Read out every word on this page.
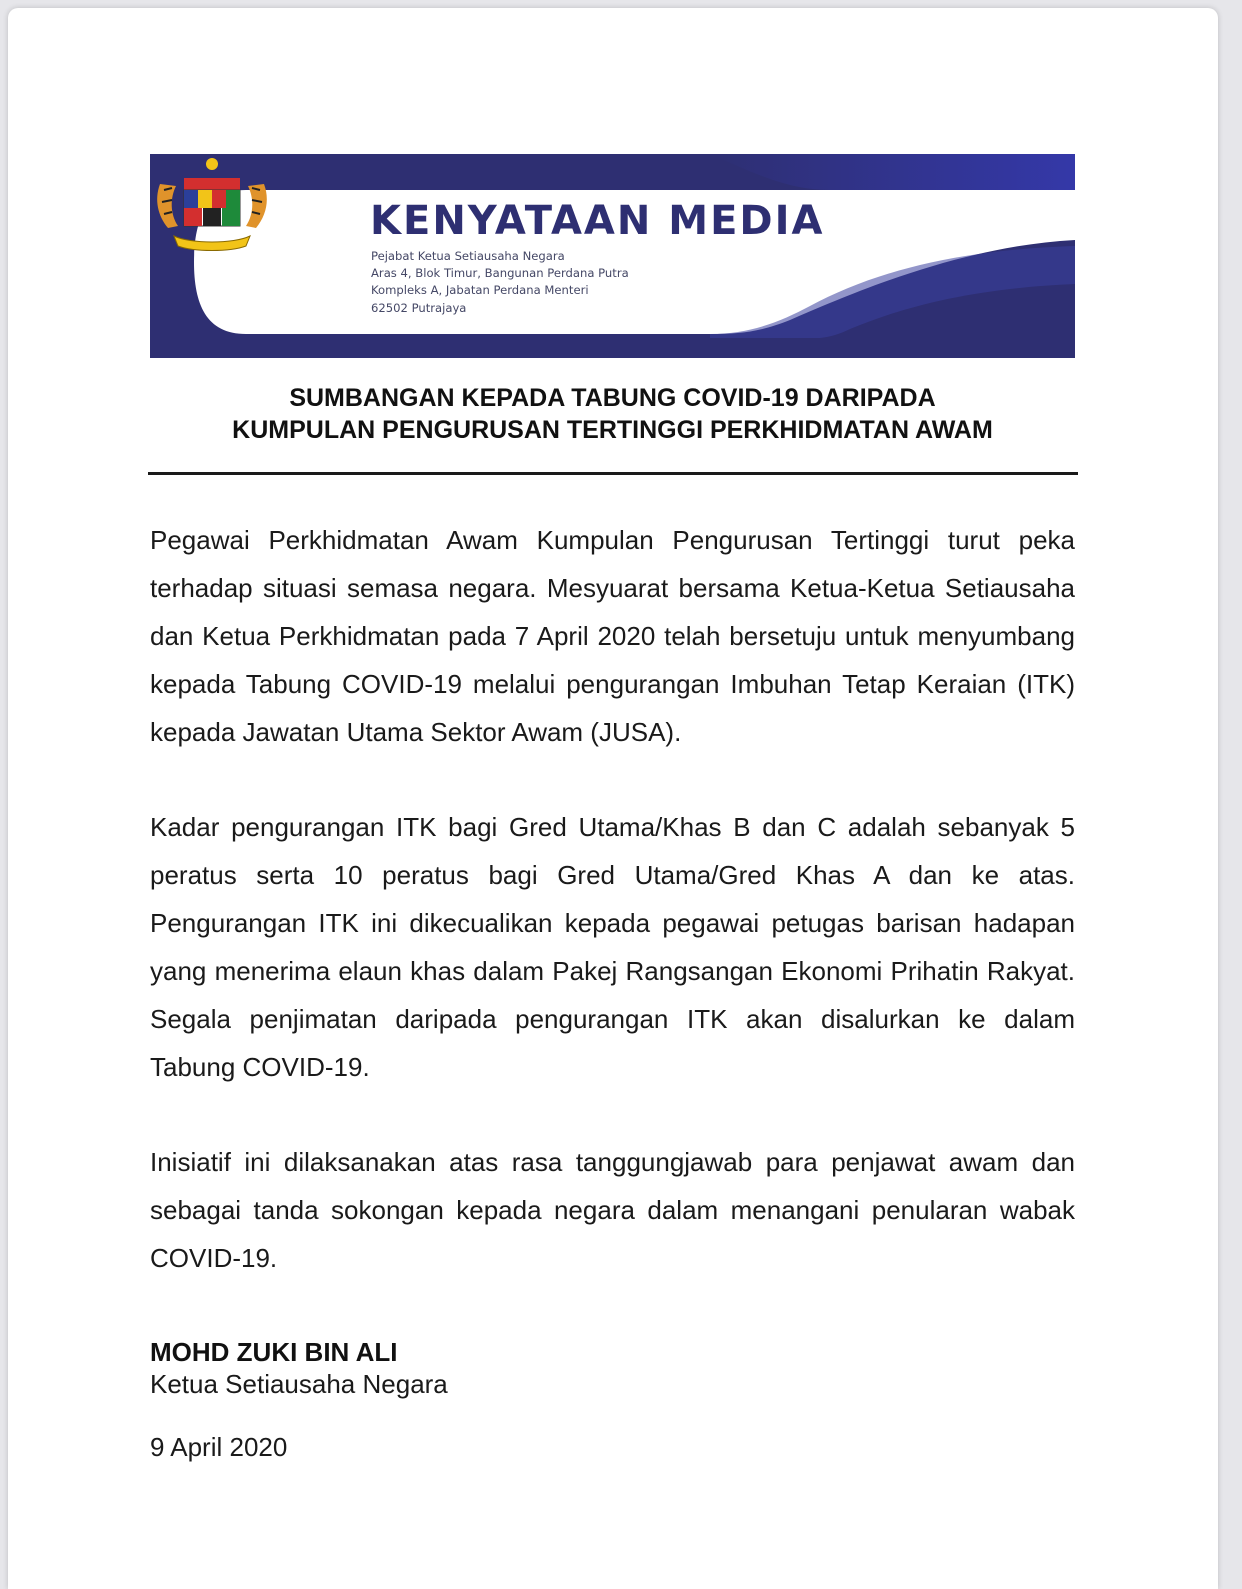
KENYATAAN MEDIA
Pejabat Ketua Setiausaha Negara
Aras 4, Blok Timur, Bangunan Perdana Putra
Kompleks A, Jabatan Perdana Menteri
62502 Putrajaya
SUMBANGAN KEPADA TABUNG COVID-19 DARIPADA
KUMPULAN PENGURUSAN TERTINGGI PERKHIDMATAN AWAM

Pegawai Perkhidmatan Awam Kumpulan Pengurusan Tertinggi turut peka terhadap situasi semasa negara. Mesyuarat bersama Ketua-Ketua Setiausaha dan Ketua Perkhidmatan pada 7 April 2020 telah bersetuju untuk menyumbang kepada Tabung COVID-19 melalui pengurangan Imbuhan Tetap Keraian (ITK) kepada Jawatan Utama Sektor Awam (JUSA).

Kadar pengurangan ITK bagi Gred Utama/Khas B dan C adalah sebanyak 5 peratus serta 10 peratus bagi Gred Utama/Gred Khas A dan ke atas. Pengurangan ITK ini dikecualikan kepada pegawai petugas barisan hadapan yang menerima elaun khas dalam Pakej Rangsangan Ekonomi Prihatin Rakyat. Segala penjimatan daripada pengurangan ITK akan disalurkan ke dalam Tabung COVID-19.

Inisiatif ini dilaksanakan atas rasa tanggungjawab para penjawat awam dan sebagai tanda sokongan kepada negara dalam menangani penularan wabak COVID-19.

MOHD ZUKI BIN ALI
Ketua Setiausaha Negara
9 April 2020
